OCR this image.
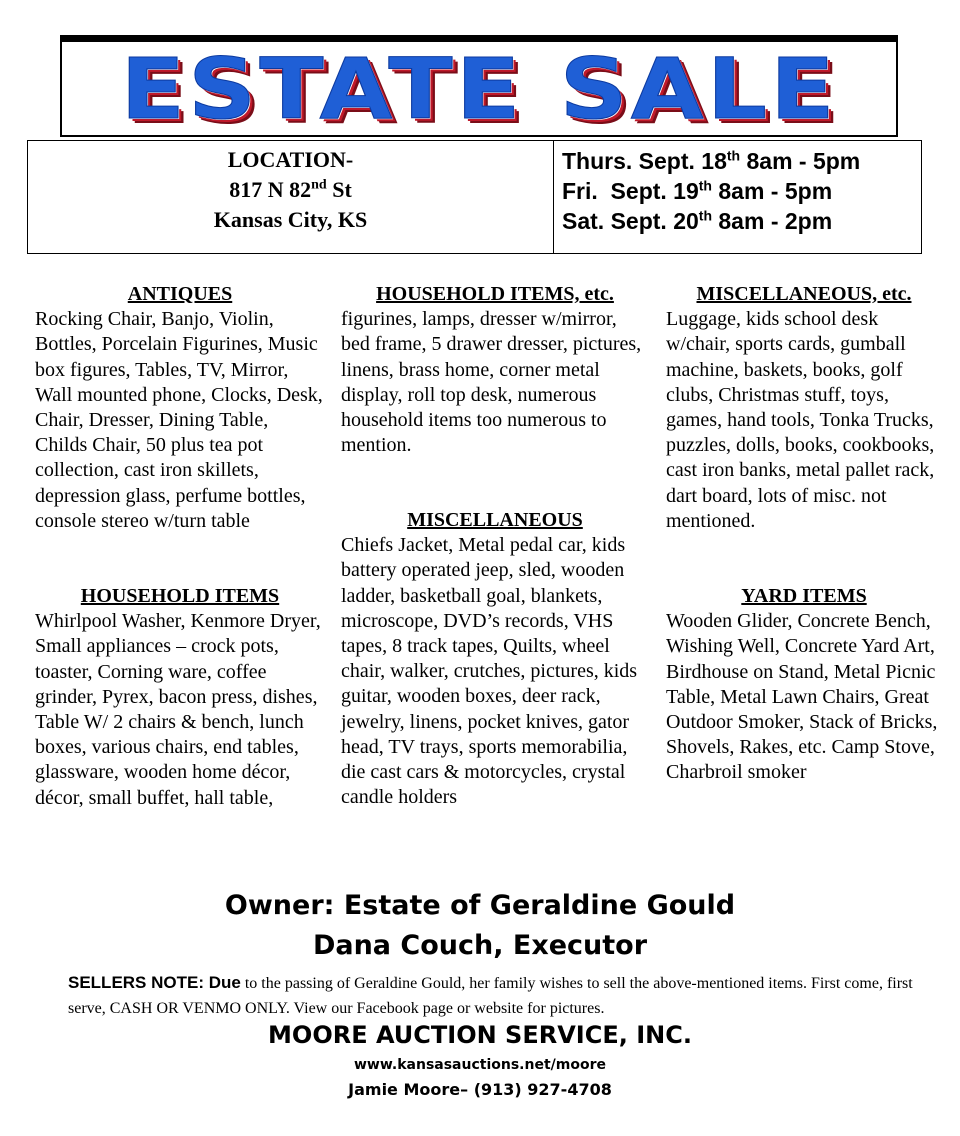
ESTATE SALE
LOCATION-
817 N 82nd St
Kansas City, KS
Thurs. Sept. 18th 8am - 5pm
Fri.  Sept. 19th 8am - 5pm
Sat. Sept. 20th 8am - 2pm
ANTIQUES

Rocking Chair, Banjo, Violin, Bottles, Porcelain Figurines, Music box figures, Tables, TV, Mirror, Wall mounted phone, Clocks, Desk, Chair, Dresser, Dining Table, Childs Chair, 50 plus tea pot collection, cast iron skillets, depression glass, perfume bottles, console stereo w/turn table

HOUSEHOLD ITEMS

Whirlpool Washer, Kenmore Dryer, Small appliances – crock pots, toaster, Corning ware, coffee grinder, Pyrex, bacon press, dishes, Table W/ 2 chairs & bench, lunch boxes, various chairs, end tables, glassware, wooden home décor, décor, small buffet, hall table,

HOUSEHOLD ITEMS, etc.

figurines, lamps, dresser w/mirror, bed frame, 5 drawer dresser, pictures, linens, brass home, corner metal display, roll top desk, numerous household items too numerous to mention.

MISCELLANEOUS

Chiefs Jacket, Metal pedal car, kids battery operated jeep, sled, wooden ladder, basketball goal, blankets, microscope, DVD’s records, VHS tapes, 8 track tapes, Quilts, wheel chair, walker, crutches, pictures, kids guitar, wooden boxes, deer rack, jewelry, linens, pocket knives, gator head, TV trays, sports memorabilia, die cast cars & motorcycles, crystal candle holders

MISCELLANEOUS, etc.

Luggage, kids school desk w/chair, sports cards, gumball machine, baskets, books, golf clubs, Christmas stuff, toys, games, hand tools, Tonka Trucks, puzzles, dolls, books, cookbooks, cast iron banks, metal pallet rack, dart board, lots of misc. not mentioned.

YARD ITEMS

Wooden Glider, Concrete Bench, Wishing Well, Concrete Yard Art, Birdhouse on Stand, Metal Picnic Table, Metal Lawn Chairs, Great Outdoor Smoker, Stack of Bricks, Shovels, Rakes, etc. Camp Stove, Charbroil smoker

Owner: Estate of Geraldine Gould
Dana Couch, Executor
SELLERS NOTE: Due to the passing of Geraldine Gould, her family wishes to sell the above-mentioned items. First come, first serve, CASH OR VENMO ONLY. View our Facebook page or website for pictures.
MOORE AUCTION SERVICE, INC.
www.kansasauctions.net/moore
Jamie Moore– (913) 927-4708
